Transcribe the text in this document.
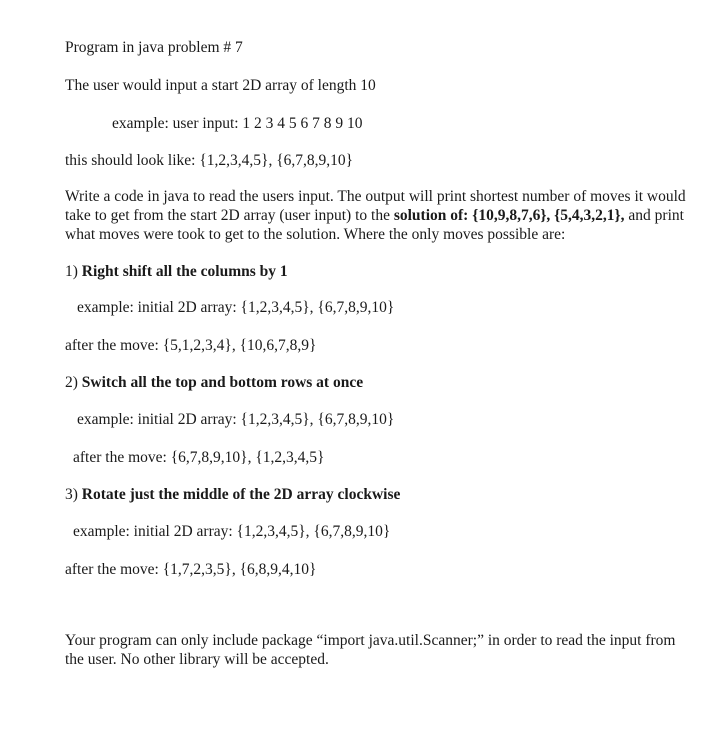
Program in java problem # 7
The user would input a start 2D array of length 10
example: user input: 1 2 3 4 5 6 7 8 9 10
this should look like: {1,2,3,4,5}, {6,7,8,9,10}
Write a code in java to read the users input. The output will print shortest number of moves it would take to get from the start 2D array (user input) to the solution of: {10,9,8,7,6}, {5,4,3,2,1}, and print what moves were took to get to the solution. Where the only moves possible are:
1) Right shift all the columns by 1
example: initial 2D array: {1,2,3,4,5}, {6,7,8,9,10}
after the move: {5,1,2,3,4}, {10,6,7,8,9}
2) Switch all the top and bottom rows at once
example: initial 2D array: {1,2,3,4,5}, {6,7,8,9,10}
after the move: {6,7,8,9,10}, {1,2,3,4,5}
3) Rotate just the middle of the 2D array clockwise
example: initial 2D array: {1,2,3,4,5}, {6,7,8,9,10}
after the move: {1,7,2,3,5}, {6,8,9,4,10}
Your program can only include package “import java.util.Scanner;” in order to read the input from the user. No other library will be accepted.
